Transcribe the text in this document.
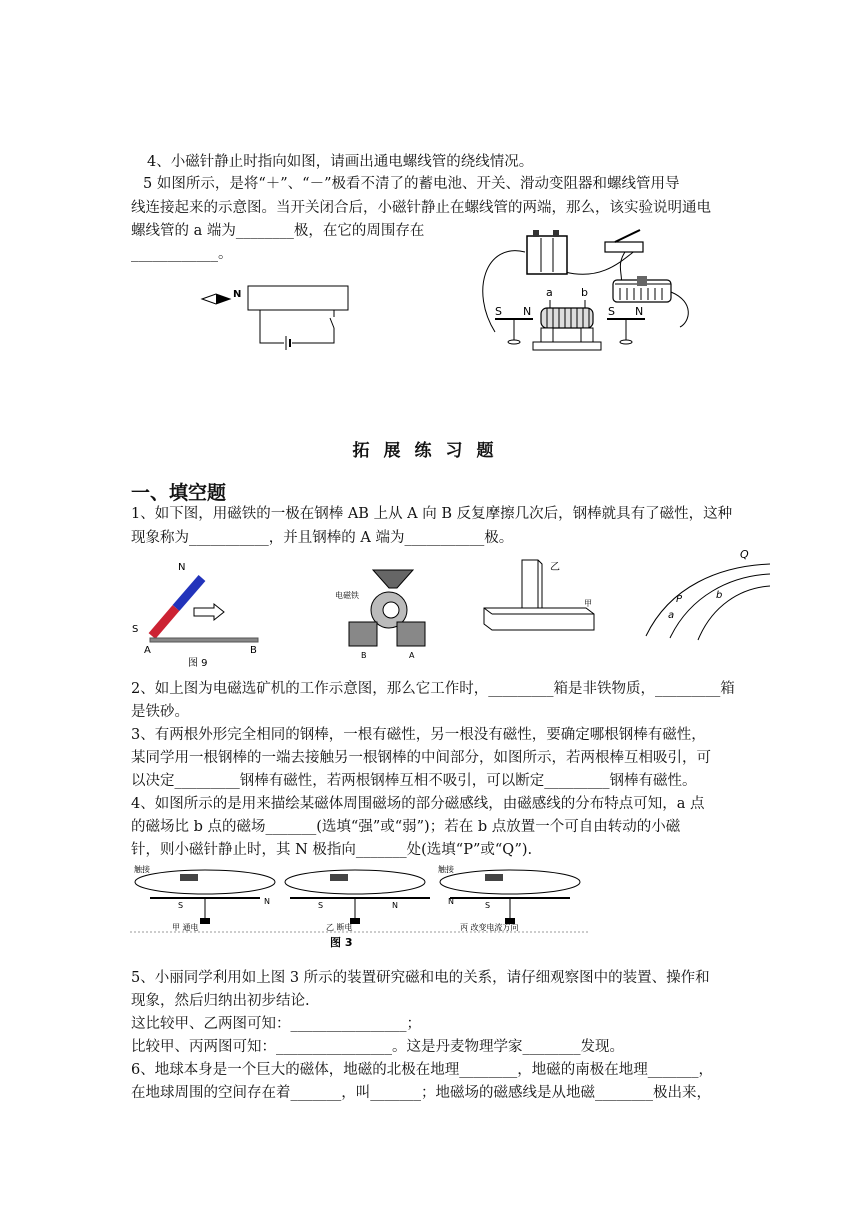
4、小磁针静止时指向如图，请画出通电螺线管的绕线情况。
5 如图所示，是将“＋”、“－”极看不清了的蓄电池、开关、滑动变阻器和螺线管用导
线连接起来的示意图。当开关闭合后，小磁针静止在螺线管的两端，那么，该实验说明通电
螺线管的 a 端为________极，在它的周围存在
____________。
N	a	b
S N	S N
拓展练习题
一、填空题
1、如下图，用磁铁的一极在钢棒 AB 上从 A 向 B 反复摩擦几次后，钢棒就具有了磁性，这种
现象称为___________，并且钢棒的 A 端为___________极。
N
S
A	B
图 9
电磁铁
B	A
乙
甲
Q
P
a
b
2、如上图为电磁选矿机的工作示意图，那么它工作时，_________箱是非铁物质，_________箱
是铁砂。
3、有两根外形完全相同的钢棒，一根有磁性，另一根没有磁性，要确定哪根钢棒有磁性，
某同学用一根钢棒的一端去接触另一根钢棒的中间部分，如图所示，若两根棒互相吸引，可
以决定_________钢棒有磁性，若两根钢棒互相不吸引，可以断定_________钢棒有磁性。
4、如图所示的是用来描绘某磁体周围磁场的部分磁感线，由磁感线的分布特点可知，a 点
的磁场比 b 点的磁场_______(选填“强”或“弱”)；若在 b 点放置一个可自由转动的小磁
针，则小磁针静止时，其 N 极指向_______处(选填“P”或“Q”).
触接
S	N	S	N
触接
N	S
甲 通电	乙 断电	丙 改变电流方向
图 3
5、小丽同学利用如上图 3 所示的装置研究磁和电的关系，请仔细观察图中的装置、操作和
现象，然后归纳出初步结论.
这比较甲、乙两图可知：________________；
比较甲、丙两图可知：________________。这是丹麦物理学家________发现。
6、地球本身是一个巨大的磁体，地磁的北极在地理________，地磁的南极在地理_______，
在地球周围的空间存在着_______，叫_______；地磁场的磁感线是从地磁________极出来，
